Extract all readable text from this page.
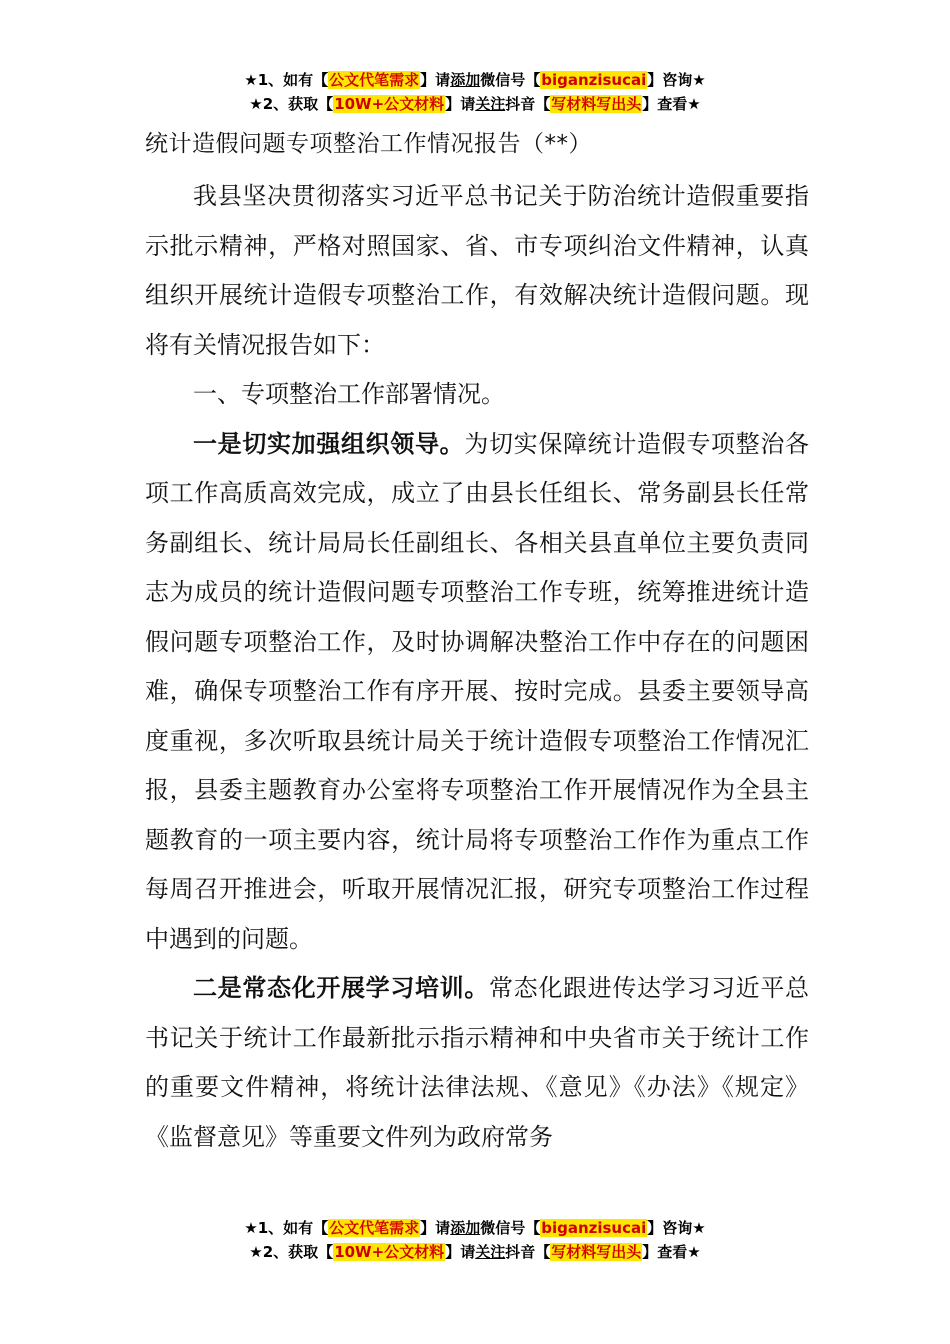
★1、如有【公文代笔需求】请添加微信号【biganzisucai】咨询★
★2、获取【10W+公文材料】请关注抖音【写材料写出头】查看★
统计造假问题专项整治工作情况报告（**）

我县坚决贯彻落实习近平总书记关于防治统计造假重要指示批示精神，严格对照国家、省、市专项纠治文件精神，认真组织开展统计造假专项整治工作，有效解决统计造假问题。现将有关情况报告如下：

一、专项整治工作部署情况。

一是切实加强组织领导。为切实保障统计造假专项整治各项工作高质高效完成，成立了由县长任组长、常务副县长任常务副组长、统计局局长任副组长、各相关县直单位主要负责同志为成员的统计造假问题专项整治工作专班，统筹推进统计造假问题专项整治工作，及时协调解决整治工作中存在的问题困难，确保专项整治工作有序开展、按时完成。县委主要领导高度重视，多次听取县统计局关于统计造假专项整治工作情况汇报，县委主题教育办公室将专项整治工作开展情况作为全县主题教育的一项主要内容，统计局将专项整治工作作为重点工作每周召开推进会，听取开展情况汇报，研究专项整治工作过程中遇到的问题。

二是常态化开展学习培训。常态化跟进传达学习习近平总书记关于统计工作最新批示指示精神和中央省市关于统计工作的重要文件精神，将统计法律法规、《意见》《办法》《规定》《监督意见》等重要文件列为政府常务

★1、如有【公文代笔需求】请添加微信号【biganzisucai】咨询★
★2、获取【10W+公文材料】请关注抖音【写材料写出头】查看★
